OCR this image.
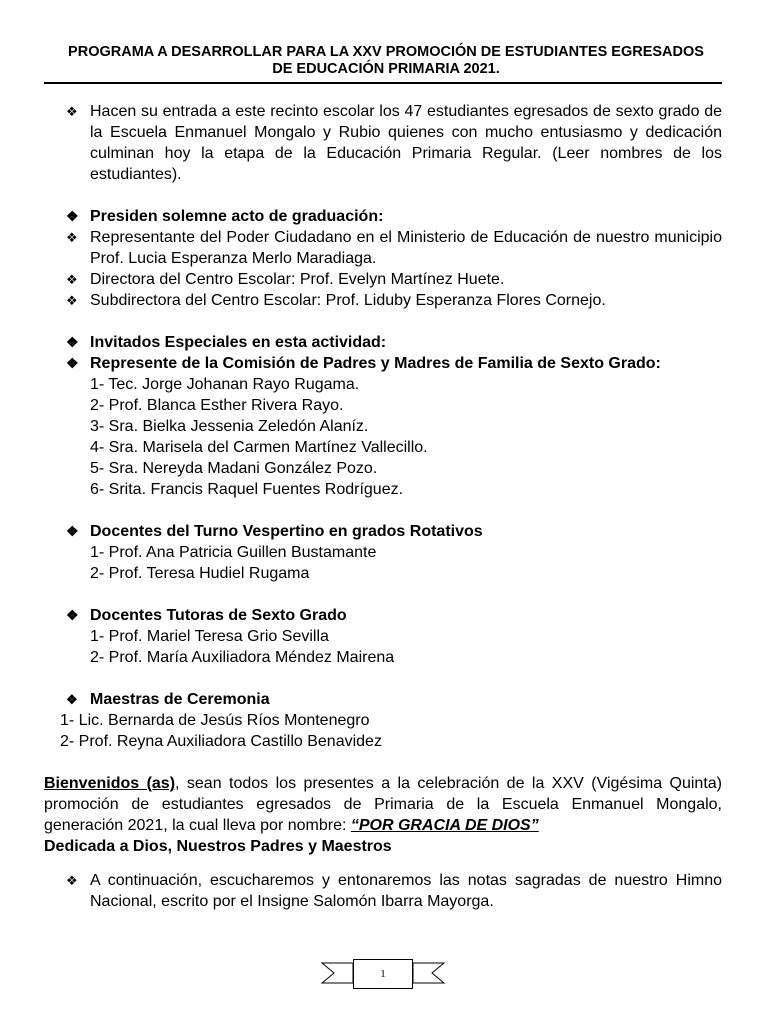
PROGRAMA A DESARROLLAR PARA LA XXV PROMOCIÓN DE ESTUDIANTES EGRESADOS
DE EDUCACIÓN PRIMARIA 2021.
❖ Hacen su entrada a este recinto escolar los 47 estudiantes egresados de sexto grado de la Escuela Enmanuel Mongalo y Rubio quienes con mucho entusiasmo y dedicación culminan hoy la etapa de la Educación Primaria Regular. (Leer nombres de los estudiantes).
❖ Presiden solemne acto de graduación:
❖ Representante del Poder Ciudadano en el Ministerio de Educación de nuestro municipio Prof. Lucia Esperanza Merlo Maradiaga.
❖ Directora del Centro Escolar: Prof. Evelyn Martínez Huete.
❖ Subdirectora del Centro Escolar: Prof. Liduby Esperanza Flores Cornejo.
❖ Invitados Especiales en esta actividad:
❖ Represente de la Comisión de Padres y Madres de Familia de Sexto Grado:
1- Tec. Jorge Johanan Rayo Rugama.
2- Prof. Blanca Esther Rivera Rayo.
3- Sra. Bielka Jessenia Zeledón Alaníz.
4- Sra. Marisela del Carmen Martínez Vallecillo.
5- Sra. Nereyda Madani González Pozo.
6- Srita. Francis Raquel Fuentes Rodríguez.
❖ Docentes del Turno Vespertino en grados Rotativos
1- Prof. Ana Patricia Guillen Bustamante
2- Prof. Teresa Hudiel Rugama
❖ Docentes Tutoras de Sexto Grado
1- Prof. Mariel Teresa Grio Sevilla
2- Prof. María Auxiliadora Méndez Mairena
❖ Maestras de Ceremonia
1- Lic. Bernarda de Jesús Ríos Montenegro
2- Prof. Reyna Auxiliadora Castillo Benavidez
Bienvenidos (as), sean todos los presentes a la celebración de la XXV (Vigésima Quinta) promoción de estudiantes egresados de Primaria de la Escuela Enmanuel Mongalo, generación 2021, la cual lleva por nombre: “POR GRACIA DE DIOS”
Dedicada a Dios, Nuestros Padres y Maestros
❖ A continuación, escucharemos y entonaremos las notas sagradas de nuestro Himno Nacional, escrito por el Insigne Salomón Ibarra Mayorga.
1
